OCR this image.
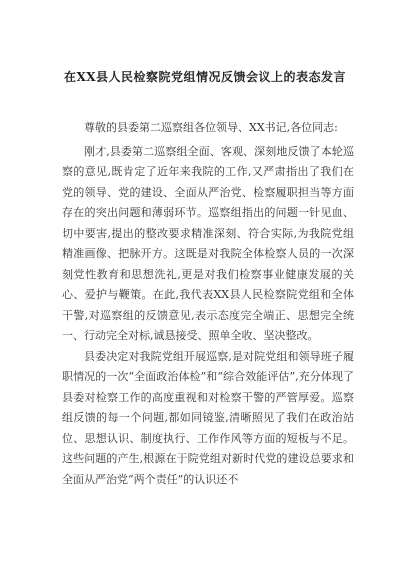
在XX县人民检察院党组情况反馈会议上的表态发言

尊敬的县委第二巡察组各位领导、XX书记,各位同志:

刚才,县委第二巡察组全面、客观、深刻地反馈了本轮巡察的意见,既肯定了近年来我院的工作,又严肃指出了我们在党的领导、党的建设、全面从严治党、检察履职担当等方面存在的突出问题和薄弱环节。巡察组指出的问题一针见血、切中要害,提出的整改要求精准深刻、符合实际,为我院党组精准画像、把脉开方。这既是对我院全体检察人员的一次深刻党性教育和思想洗礼,更是对我们检察事业健康发展的关心、爱护与鞭策。在此,我代表XX县人民检察院党组和全体干警,对巡察组的反馈意见,表示态度完全端正、思想完全统一、行动完全对标,诚恳接受、照单全收、坚决整改。

县委决定对我院党组开展巡察,是对院党组和领导班子履职情况的一次“全面政治体检”和“综合效能评估”,充分体现了县委对检察工作的高度重视和对检察干警的严管厚爱。巡察组反馈的每一个问题,都如同镜鉴,清晰照见了我们在政治站位、思想认识、制度执行、工作作风等方面的短板与不足。这些问题的产生,根源在于院党组对新时代党的建设总要求和全面从严治党“两个责任”的认识还不
